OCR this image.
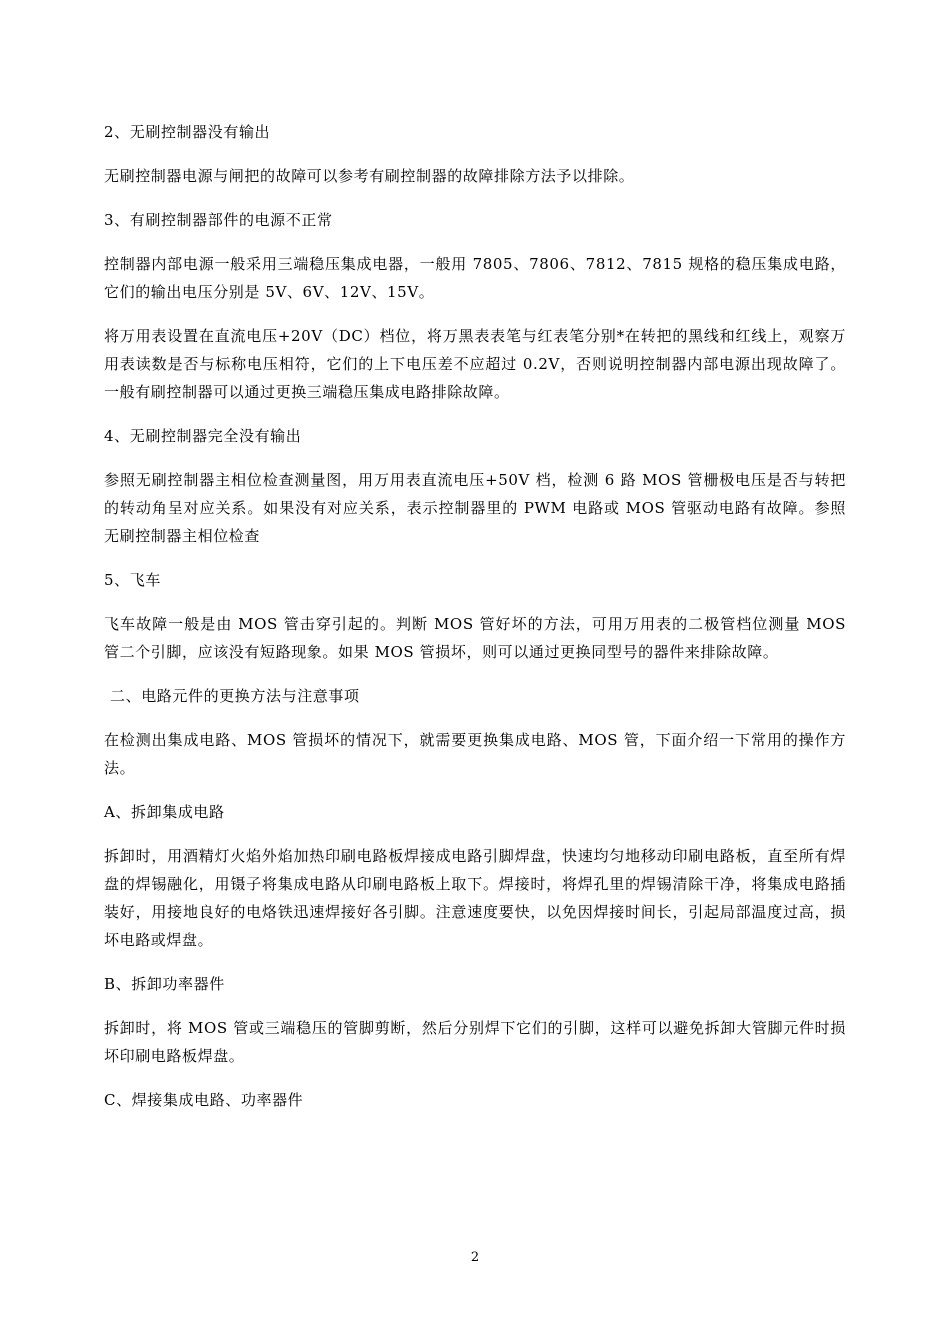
2、无刷控制器没有输出

无刷控制器电源与闸把的故障可以参考有刷控制器的故障排除方法予以排除。

3、有刷控制器部件的电源不正常

控制器内部电源一般采用三端稳压集成电器，一般用 7805、7806、7812、7815 规格的稳压集成电路，它们的输出电压分别是 5V、6V、12V、15V。

将万用表设置在直流电压+20V（DC）档位，将万黑表表笔与红表笔分别*在转把的黑线和红线上，观察万用表读数是否与标称电压相符，它们的上下电压差不应超过 0.2V，否则说明控制器内部电源出现故障了。一般有刷控制器可以通过更换三端稳压集成电路排除故障。

4、无刷控制器完全没有输出

参照无刷控制器主相位检查测量图，用万用表直流电压+50V 档，检测 6 路 MOS 管栅极电压是否与转把的转动角呈对应关系。如果没有对应关系，表示控制器里的 PWM 电路或 MOS 管驱动电路有故障。参照无刷控制器主相位检查

5、飞车

飞车故障一般是由 MOS 管击穿引起的。判断 MOS 管好坏的方法，可用万用表的二极管档位测量 MOS 管二个引脚，应该没有短路现象。如果 MOS 管损坏，则可以通过更换同型号的器件来排除故障。

二、电路元件的更换方法与注意事项

在检测出集成电路、MOS 管损坏的情况下，就需要更换集成电路、MOS 管，下面介绍一下常用的操作方法。

A、拆卸集成电路

拆卸时，用酒精灯火焰外焰加热印刷电路板焊接成电路引脚焊盘，快速均匀地移动印刷电路板，直至所有焊盘的焊锡融化，用镊子将集成电路从印刷电路板上取下。焊接时，将焊孔里的焊锡清除干净，将集成电路插装好，用接地良好的电烙铁迅速焊接好各引脚。注意速度要快，以免因焊接时间长，引起局部温度过高，损坏电路或焊盘。

B、拆卸功率器件

拆卸时，将 MOS 管或三端稳压的管脚剪断，然后分别焊下它们的引脚，这样可以避免拆卸大管脚元件时损坏印刷电路板焊盘。

C、焊接集成电路、功率器件

2
